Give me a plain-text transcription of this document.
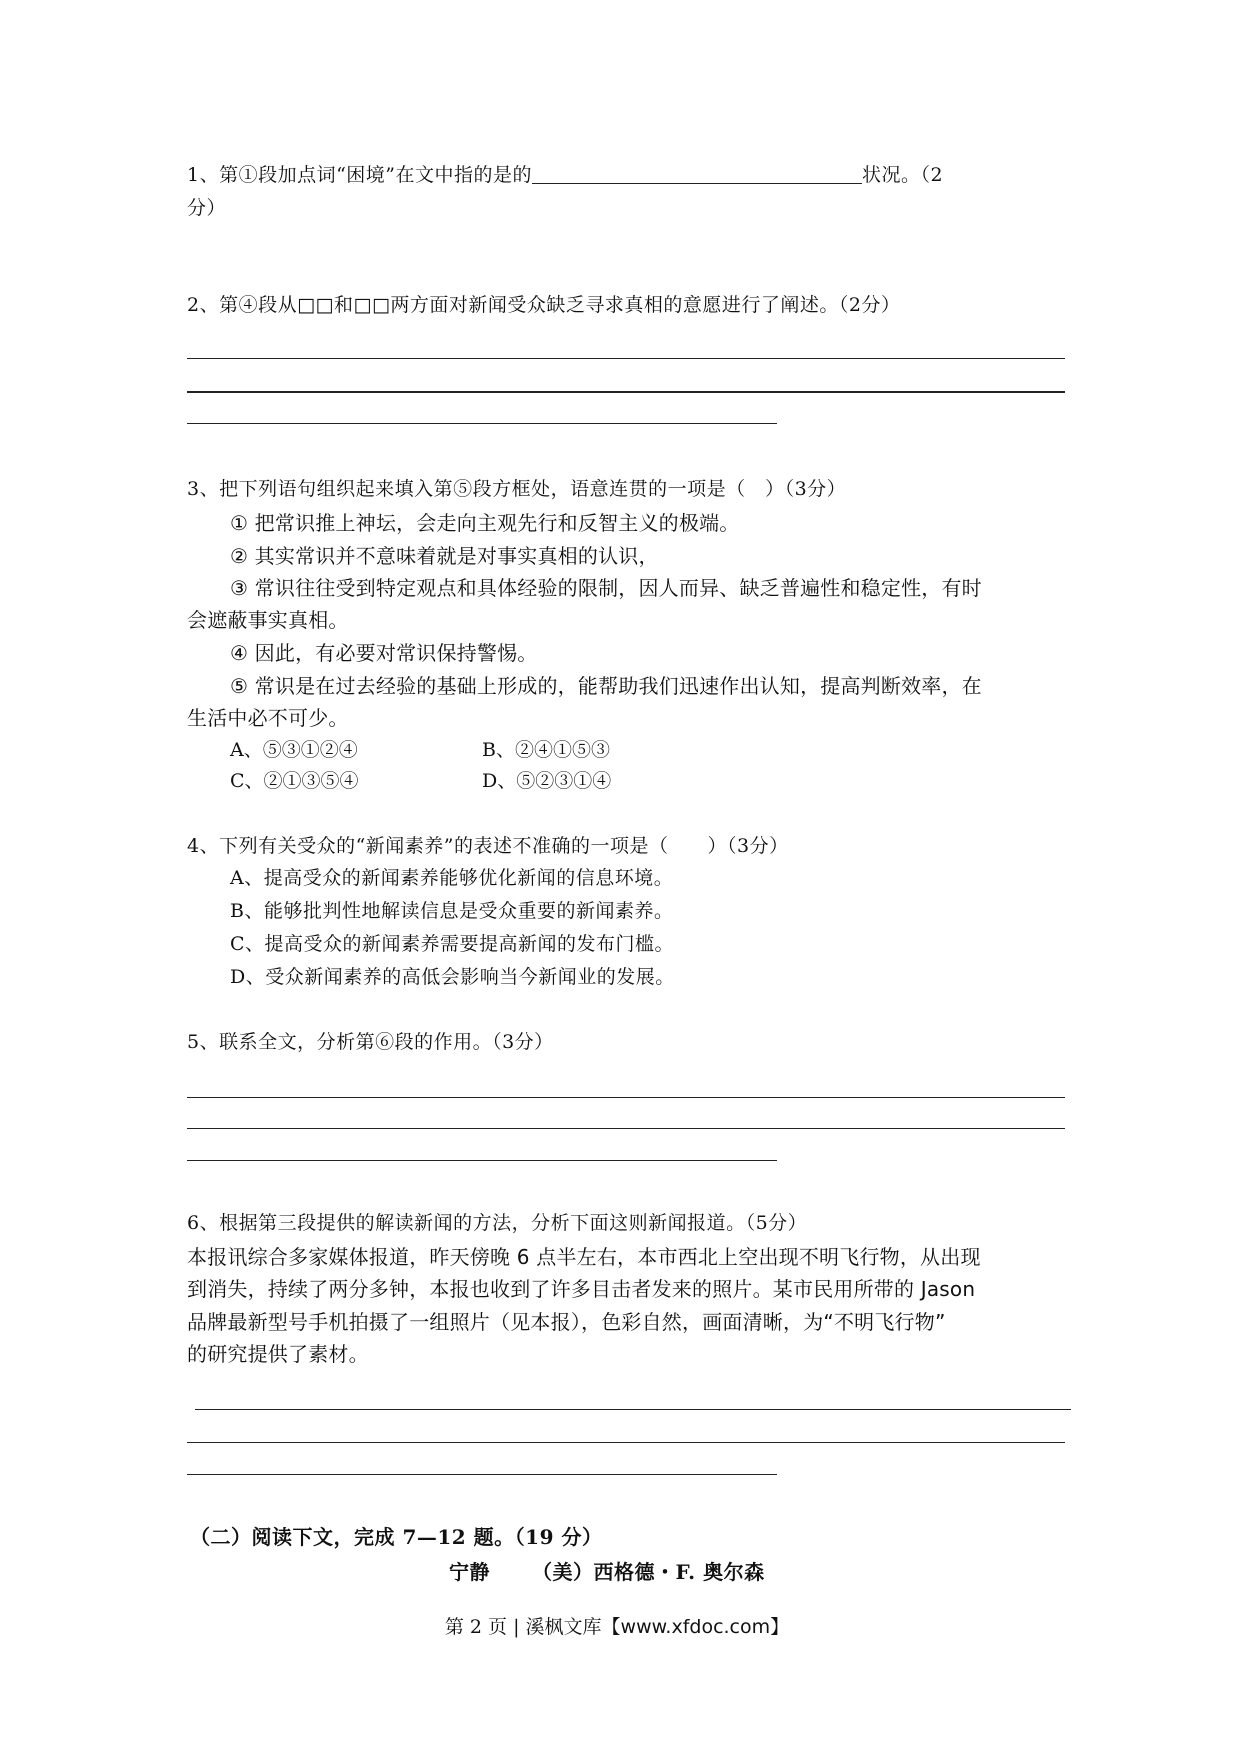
1、第①段加点词“困境”在文中指的是的	状况。（2
分）
2、第④段从□□和□□两方面对新闻受众缺乏寻求真相的意愿进行了阐述。（2分）
3、把下列语句组织起来填入第⑤段方框处，语意连贯的一项是（　）（3分）
① 把常识推上神坛，会走向主观先行和反智主义的极端。
② 其实常识并不意味着就是对事实真相的认识，
③ 常识往往受到特定观点和具体经验的限制，因人而异、缺乏普遍性和稳定性，有时
会遮蔽事实真相。
④ 因此，有必要对常识保持警惕。
⑤ 常识是在过去经验的基础上形成的，能帮助我们迅速作出认知，提高判断效率，在
生活中必不可少。
A、⑤③①②④	B、②④①⑤③
C、②①③⑤④	D、⑤②③①④
4、下列有关受众的“新闻素养”的表述不准确的一项是（　　）（3分）
A、提高受众的新闻素养能够优化新闻的信息环境。
B、能够批判性地解读信息是受众重要的新闻素养。
C、提高受众的新闻素养需要提高新闻的发布门槛。
D、受众新闻素养的高低会影响当今新闻业的发展。
5、联系全文，分析第⑥段的作用。（3分）
6、根据第三段提供的解读新闻的方法，分析下面这则新闻报道。（5分）
本报讯综合多家媒体报道，昨天傍晚 6 点半左右，本市西北上空出现不明飞行物，从出现
到消失，持续了两分多钟，本报也收到了许多目击者发来的照片。某市民用所带的 Jason
品牌最新型号手机拍摄了一组照片（见本报），色彩自然，画面清晰，为“不明飞行物”
的研究提供了素材。
（二）阅读下文，完成 7—12 题。（19 分）
宁静 （美）西格德・F. 奥尔森
第 2 页 | 溪枫文库【www.xfdoc.com】
